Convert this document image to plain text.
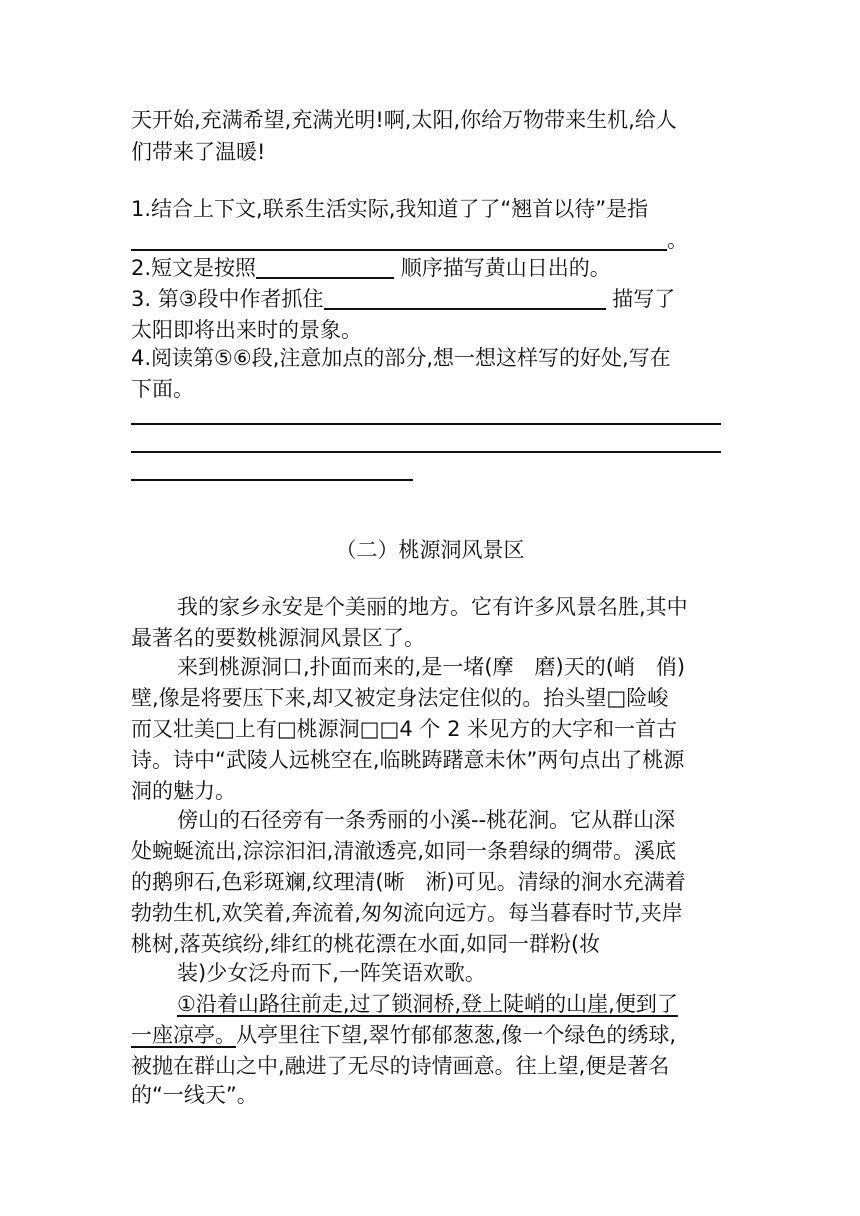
天开始,充满希望,充满光明!啊,太阳,你给万物带来生机,给人
们带来了温暖!
1.结合上下文,联系生活实际,我知道了了“翘首以待”是指
。
2.短文是按照	顺序描写黄山日出的。
3. 第③段中作者抓住	描写了
太阳即将出来时的景象。
4.阅读第⑤⑥段,注意加点的部分,想一想这样写的好处,写在
下面。
（二）桃源洞风景区
我的家乡永安是个美丽的地方。它有许多风景名胜,其中
最著名的要数桃源洞风景区了。
来到桃源洞口,扑面而来的,是一堵(摩　磨)天的(峭　俏)
壁,像是将要压下来,却又被定身法定住似的。抬头望□险峻
而又壮美□上有□桃源洞□□4 个 2 米见方的大字和一首古
诗。诗中“武陵人远桃空在,临眺踌躇意未休”两句点出了桃源
洞的魅力。
傍山的石径旁有一条秀丽的小溪--桃花涧。它从群山深
处蜿蜒流出,淙淙汩汩,清澈透亮,如同一条碧绿的绸带。溪底
的鹅卵石,色彩斑斓,纹理清(晰　淅)可见。清绿的涧水充满着
勃勃生机,欢笑着,奔流着,匆匆流向远方。每当暮春时节,夹岸
桃树,落英缤纷,绯红的桃花漂在水面,如同一群粉(妆
装)少女泛舟而下,一阵笑语欢歌。
①沿着山路往前走,过了锁洞桥,登上陡峭的山崖,便到了
一座凉亭。从亭里往下望,翠竹郁郁葱葱,像一个绿色的绣球,
被抛在群山之中,融进了无尽的诗情画意。往上望,便是著名
的“一线天”。
